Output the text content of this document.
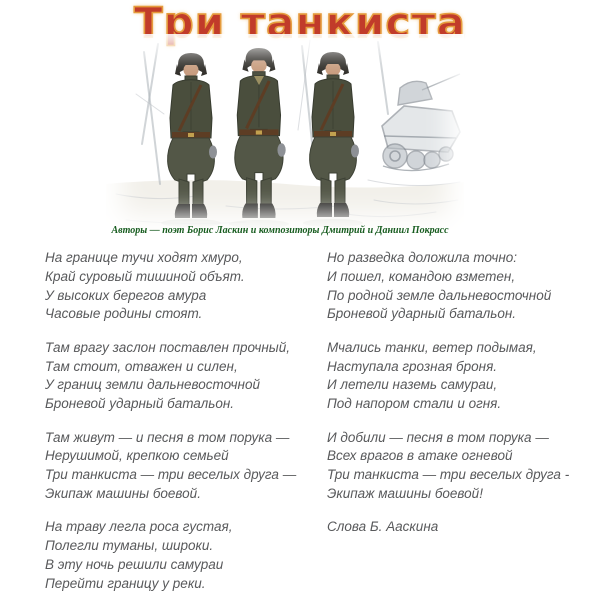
Три танкиста
Авторы — поэт Борис Ласкин и композиторы Дмитрий и Даниил Покрасс

На границе тучи ходят хмуро,
Край суровый тишиной объят.
У высоких берегов амура
Часовые родины стоят.

Там врагу заслон поставлен прочный,
Там стоит, отважен и силен,
У границ земли дальневосточной
Броневой ударный батальон.

Там живут — и песня в том порука —
Нерушимой, крепкою семьей
Три танкиста — три веселых друга —
Экипаж машины боевой.

На траву легла роса густая,
Полегли туманы, широки.
В эту ночь решили самураи
Перейти границу у реки.

Но разведка доложила точно:
И пошел, командою взметен,
По родной земле дальневосточной
Броневой ударный батальон.

Мчались танки, ветер подымая,
Наступала грозная броня.
И летели наземь самураи,
Под напором стали и огня.

И добили — песня в том порука —
Всех врагов в атаке огневой
Три танкиста — три веселых друга -
Экипаж машины боевой!

Слова Б. Ааскина
